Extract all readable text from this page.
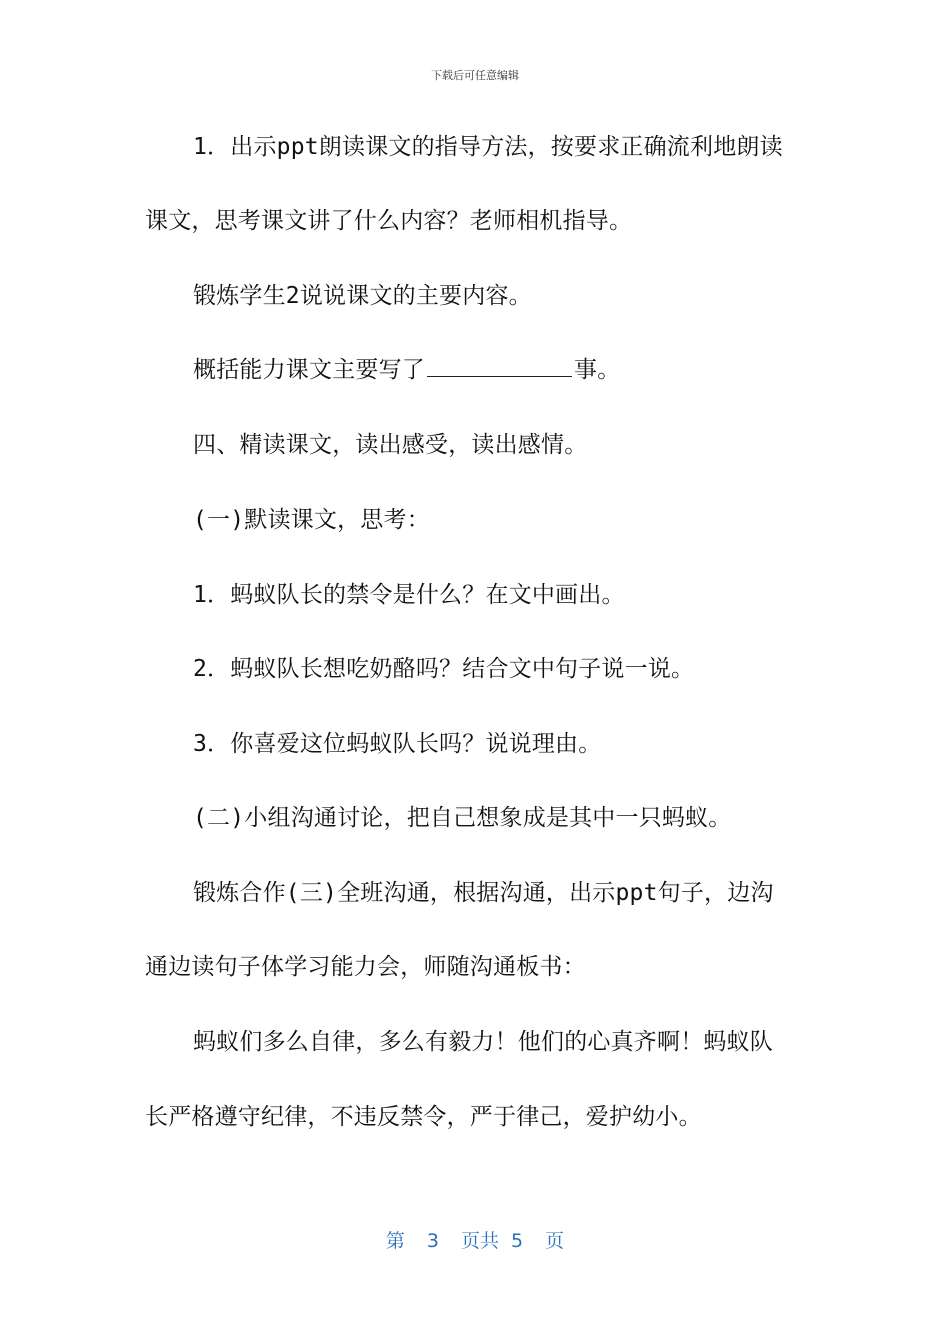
下载后可任意编辑
1．出示ppt朗读课文的指导方法，按要求正确流利地朗读
课文，思考课文讲了什么内容？老师相机指导。
锻炼学生2说说课文的主要内容。
概括能力课文主要写了	事。
四、精读课文，读出感受，读出感情。
(一)默读课文，思考：
1．蚂蚁队长的禁令是什么？在文中画出。
2．蚂蚁队长想吃奶酪吗？结合文中句子说一说。
3．你喜爱这位蚂蚁队长吗？说说理由。
(二)小组沟通讨论，把自己想象成是其中一只蚂蚁。
锻炼合作(三)全班沟通，根据沟通，出示ppt句子，边沟
通边读句子体学习能力会，师随沟通板书：
蚂蚁们多么自律，多么有毅力！他们的心真齐啊！蚂蚁队
长严格遵守纪律，不违反禁令，严于律己，爱护幼小。
第 3 页共 5 页
